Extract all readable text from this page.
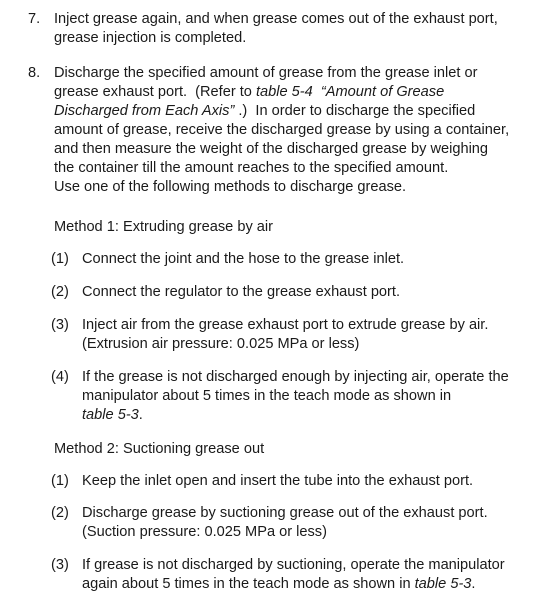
7. Inject grease again, and when grease comes out of the exhaust port,
grease injection is completed.
8. Discharge the specified amount of grease from the grease inlet or
grease exhaust port.  (Refer to table 5-4  “Amount of Grease
Discharged from Each Axis” .)  In order to discharge the specified
amount of grease, receive the discharged grease by using a container,
and then measure the weight of the discharged grease by weighing
the container till the amount reaches to the specified amount.
Use one of the following methods to discharge grease.
Method 1: Extruding grease by air
(1) Connect the joint and the hose to the grease inlet.
(2) Connect the regulator to the grease exhaust port.
(3) Inject air from the grease exhaust port to extrude grease by air.
(Extrusion air pressure: 0.025 MPa or less)
(4) If the grease is not discharged enough by injecting air, operate the
manipulator about 5 times in the teach mode as shown in
table 5-3.
Method 2: Suctioning grease out
(1) Keep the inlet open and insert the tube into the exhaust port.
(2) Discharge grease by suctioning grease out of the exhaust port.
(Suction pressure: 0.025 MPa or less)
(3) If grease is not discharged by suctioning, operate the manipulator
again about 5 times in the teach mode as shown in table 5-3.
